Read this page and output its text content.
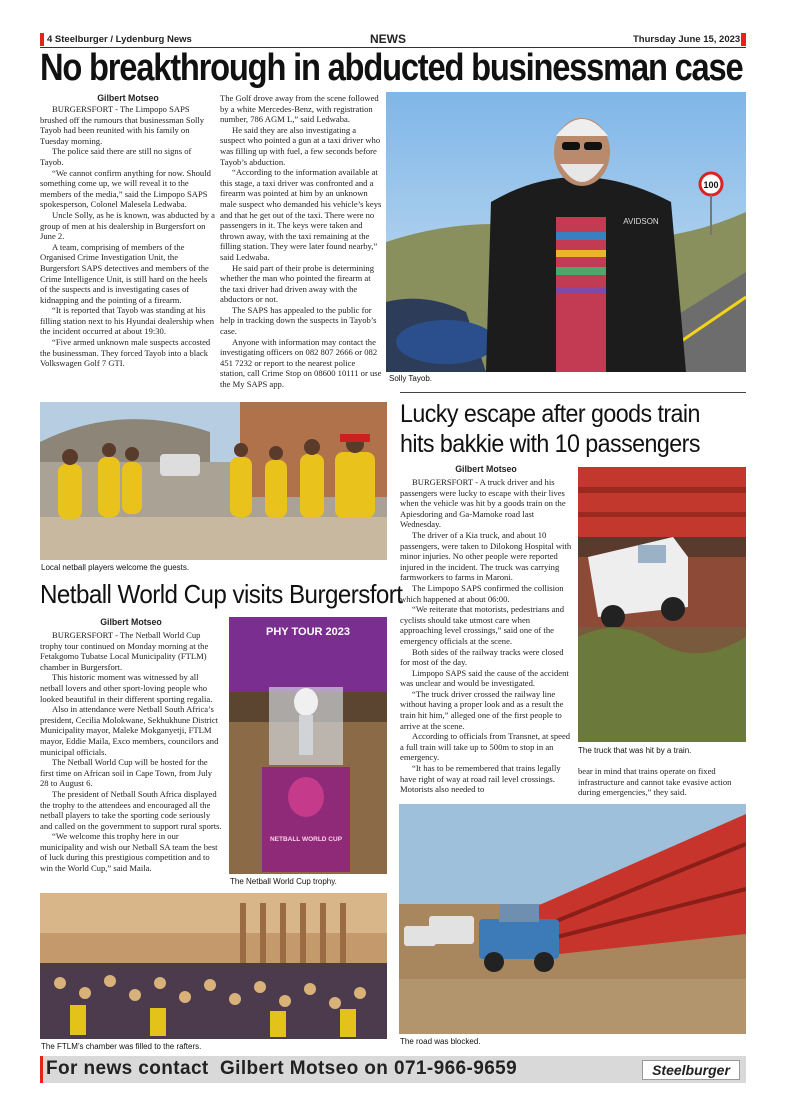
4 Steelburger / Lydenburg News	NEWS	Thursday June 15, 2023
No breakthrough in abducted businessman case
Gilbert Motseo

BURGERSFORT - The Limpopo SAPS brushed off the rumours that businessman Solly Tayob had been reunited with his family on Tuesday morning.

The police said there are still no signs of Tayob.

“We cannot confirm anything for now. Should something come up, we will reveal it to the members of the media,” said the Limpopo SAPS spokesperson, Colonel Malesela Ledwaba.

Uncle Solly, as he is known, was abducted by a group of men at his dealership in Burgersfort on June 2.

A team, comprising of members of the Organised Crime Investigation Unit, the Burgersfort SAPS detectives and members of the Crime Intelligence Unit, is still hard on the heels of the suspects and is investigating cases of kidnapping and the pointing of a firearm.

“It is reported that Tayob was standing at his filling station next to his Hyundai dealership when the incident occurred at about 19:30.

“Five armed unknown male suspects accosted the businessman. They forced Tayob into a black Volkswagen Golf 7 GTI.

The Golf drove away from the scene followed by a white Mercedes-Benz, with registration number, 786 AGM L,” said Ledwaba.

He said they are also investigating a suspect who pointed a gun at a taxi driver who was filling up with fuel, a few seconds before Tayob’s abduction.

“According to the information available at this stage, a taxi driver was confronted and a firearm was pointed at him by an unknown male suspect who demanded his vehicle’s keys and that he get out of the taxi. There were no passengers in it. The keys were taken and thrown away, with the taxi remaining at the filling station. They were later found nearby,” said Ledwaba.

He said part of their probe is determining whether the man who pointed the firearm at the taxi driver had driven away with the abductors or not.

The SAPS has appealed to the public for help in tracking down the suspects in Tayob’s case.

Anyone with information may contact the investigating officers on 082 807 2666 or 082 451 7232 or report to the nearest police station, call Crime Stop on 08600 10111 or use the My SAPS app.

100
AVIDSON
Solly Tayob.
Local netball players welcome the guests.
Netball World Cup visits Burgersfort
Gilbert Motseo

BURGERSFORT - The Netball World Cup trophy tour continued on Monday morning at the Fetakgomo Tubatse Local Municipality (FTLM) chamber in Burgersfort.

This historic moment was witnessed by all netball lovers and other sport-loving people who looked beautiful in their different sporting regalia.

Also in attendance were Netball South Africa’s president, Cecilia Molokwane, Sekhukhune District Municipality mayor, Maleke Mokganyetji, FTLM mayor, Eddie Maila, Exco members, councilors and municipal officials.

The Netball World Cup will be hosted for the first time on African soil in Cape Town, from July 28 to August 6.

The president of Netball South Africa displayed the trophy to the attendees and encouraged all the netball players to take the sporting code seriously and called on the government to support rural sports.

“We welcome this trophy here in our municipality and wish our Netball SA team the best of luck during this prestigious competition and to win the World Cup,” said Maila.

PHY TOUR 2023
NETBALL WORLD CUP
The Netball World Cup trophy.
The FTLM’s chamber was filled to the rafters.
Lucky escape after goods train
hits bakkie with 10 passengers
Gilbert Motseo

BURGERSFORT - A truck driver and his passengers were lucky to escape with their lives when the vehicle was hit by a goods train on the Apiesdoring and Ga-Mamoke road last Wednesday.

The driver of a Kia truck, and about 10 passengers, were taken to Dilokong Hospital with minor injuries. No other people were reported injured in the incident. The truck was carrying farmworkers to farms in Maroni.

The Limpopo SAPS confirmed the collision which happened at about 06:00.

“We reiterate that motorists, pedestrians and cyclists should take utmost care when approaching level crossings,” said one of the emergency officials at the scene.

Both sides of the railway tracks were closed for most of the day.

Limpopo SAPS said the cause of the accident was unclear and would be investigated.

“The truck driver crossed the railway line without having a proper look and as a result the train hit him,” alleged one of the first people to arrive at the scene.

According to officials from Transnet, at speed a full train will take up to 500m to stop in an emergency.

“It has to be remembered that trains legally have right of way at road rail level crossings. Motorists also needed to

The truck that was hit by a train.

bear in mind that trains operate on fixed infrastructure and cannot take evasive action during emergencies,” they said.

The road was blocked.
For news contact  Gilbert Motseo on 071-966-9659	Steelburger
